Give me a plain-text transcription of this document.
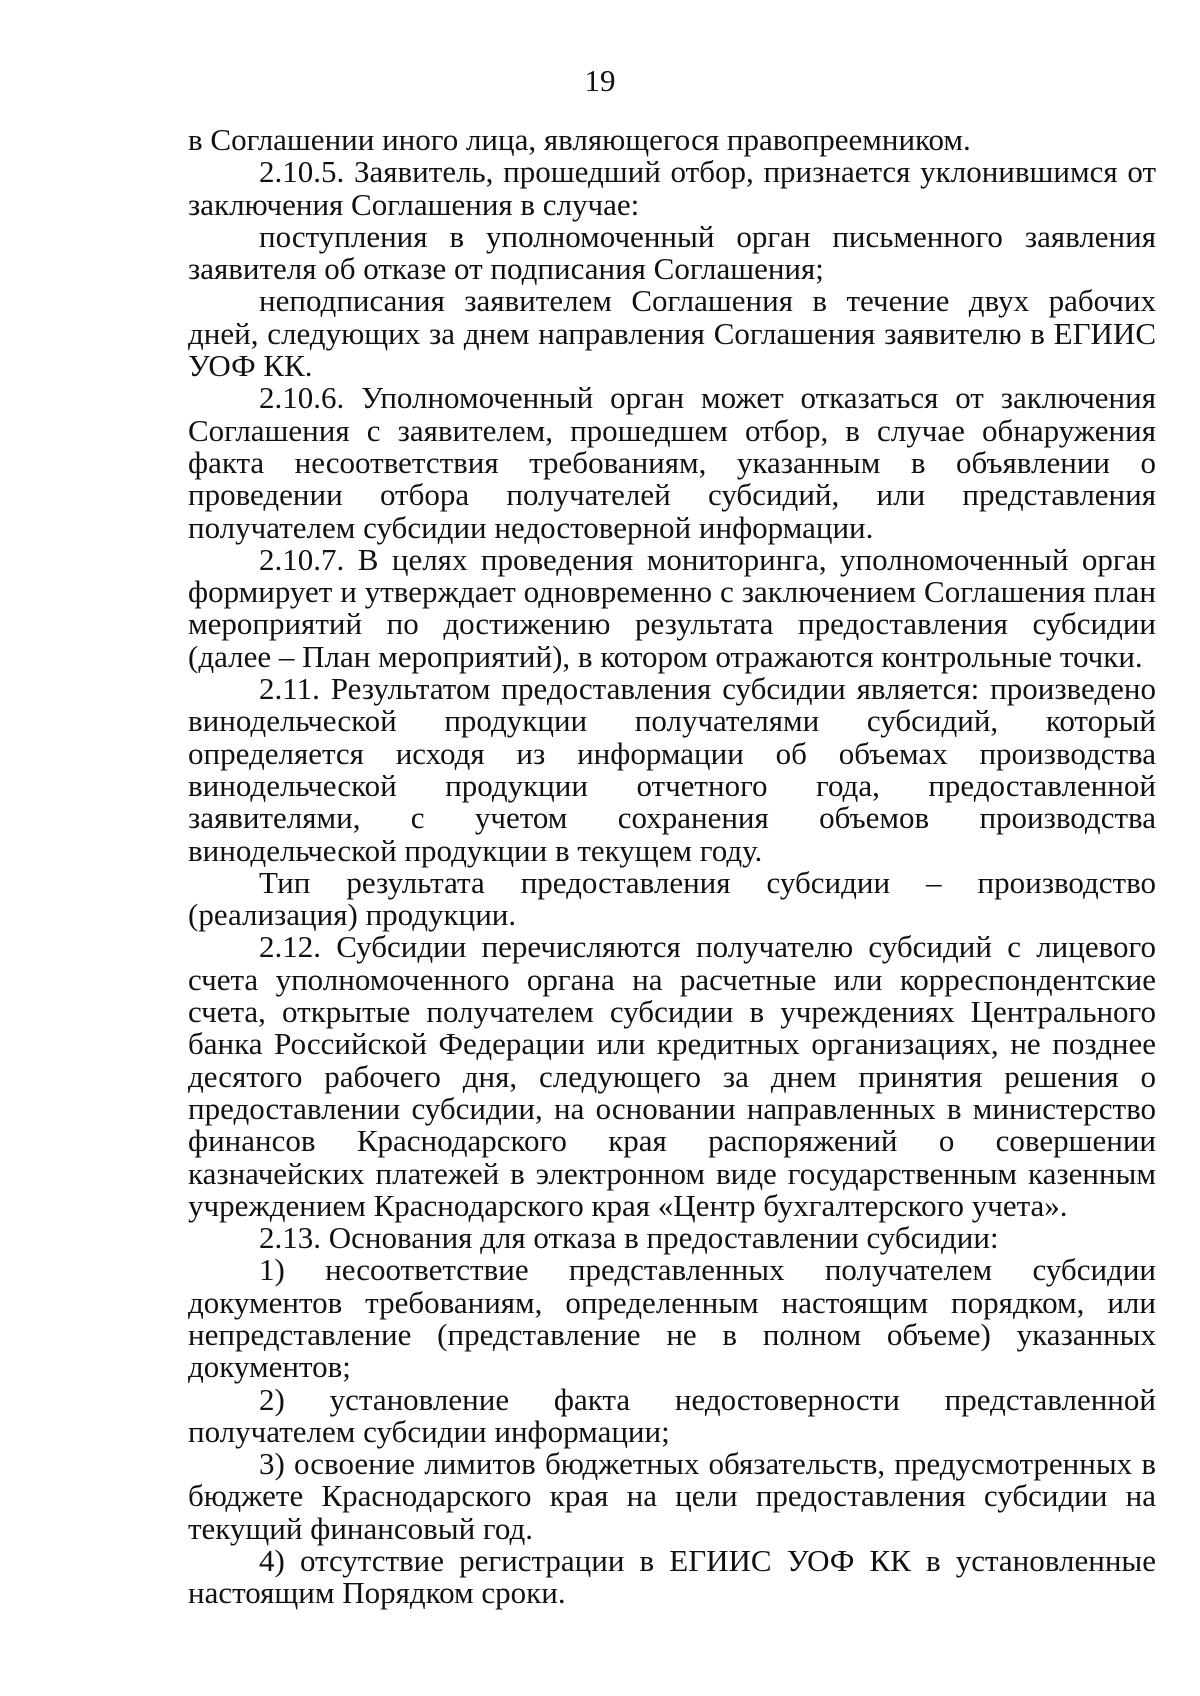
19

в Соглашении иного лица, являющегося правопреемником.

2.10.5. Заявитель, прошедший отбор, признается уклонившимся от заключения Соглашения в случае:

поступления в уполномоченный орган письменного заявления заявителя об отказе от подписания Соглашения;

неподписания заявителем Соглашения в течение двух рабочих дней, следующих за днем направления Соглашения заявителю в ЕГИИС УОФ КК.

2.10.6. Уполномоченный орган может отказаться от заключения Соглашения с заявителем, прошедшем отбор, в случае обнаружения факта несоответствия требованиям, указанным в объявлении о проведении отбора получателей субсидий, или представления получателем субсидии недостоверной информации.

2.10.7. В целях проведения мониторинга, уполномоченный орган формирует и утверждает одновременно с заключением Соглашения план мероприятий по достижению результата предоставления субсидии (далее – План мероприятий), в котором отражаются контрольные точки.

2.11. Результатом предоставления субсидии является: произведено винодельческой продукции получателями субсидий, который определяется исходя из информации об объемах производства винодельческой продукции отчетного года, предоставленной заявителями, с учетом сохранения объемов производства винодельческой продукции в текущем году.

Тип результата предоставления субсидии – производство (реализация) продукции.

2.12. Субсидии перечисляются получателю субсидий с лицевого счета уполномоченного органа на расчетные или корреспондентские счета, открытые получателем субсидии в учреждениях Центрального банка Российской Федерации или кредитных организациях, не позднее десятого рабочего дня, следующего за днем принятия решения о предоставлении субсидии, на основании направленных в министерство финансов Краснодарского края распоряжений о совершении казначейских платежей в электронном виде государственным казенным учреждением Краснодарского края «Центр бухгалтерского учета».

2.13. Основания для отказа в предоставлении субсидии:

1) несоответствие представленных получателем субсидии документов требованиям, определенным настоящим порядком, или непредставление (представление не в полном объеме) указанных документов;

2) установление факта недостоверности представленной получателем субсидии информации;

3) освоение лимитов бюджетных обязательств, предусмотренных в бюджете Краснодарского края на цели предоставления субсидии на текущий финансовый год.

4) отсутствие регистрации в ЕГИИС УОФ КК в установленные настоящим Порядком сроки.
